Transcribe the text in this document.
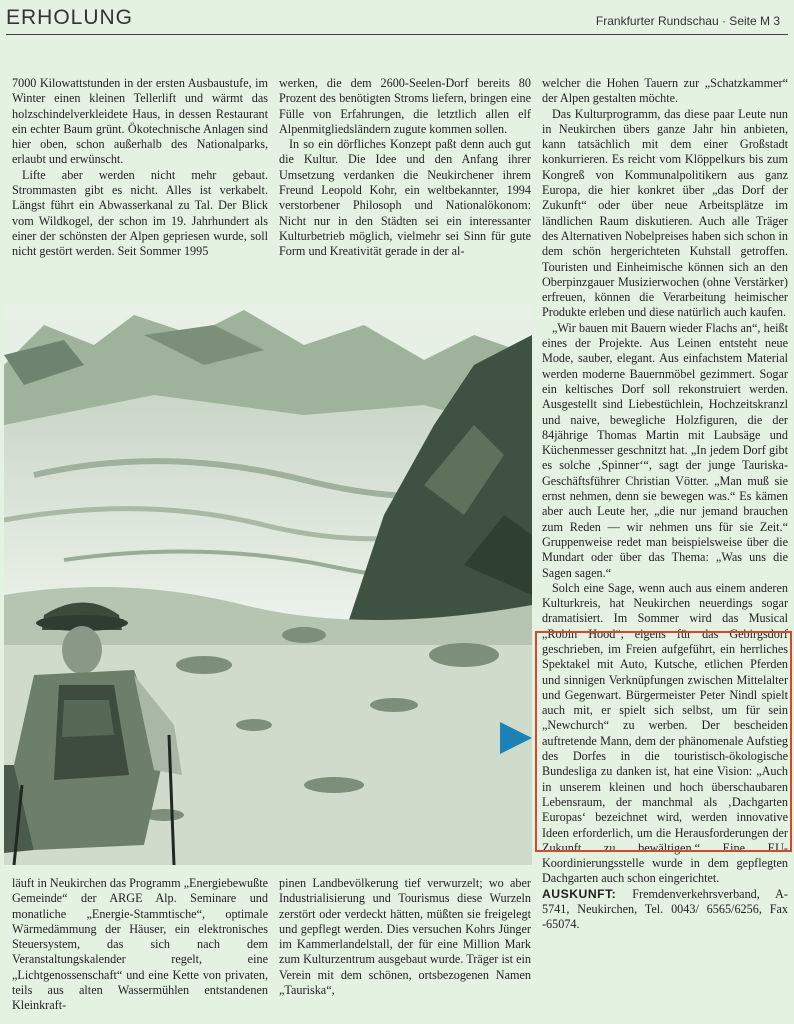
ERHOLUNG	Frankfurter Rundschau · Seite M 3

7000 Kilowattstunden in der ersten Ausbaustufe, im Winter einen kleinen Tellerlift und wärmt das holzschindelverkleidete Haus, in dessen Restaurant ein echter Baum grünt. Ökotechnische Anlagen sind hier oben, schon außerhalb des Nationalparks, erlaubt und erwünscht.

Lifte aber werden nicht mehr gebaut. Strommasten gibt es nicht. Alles ist verkabelt. Längst führt ein Abwasserkanal zu Tal. Der Blick vom Wildkogel, der schon im 19. Jahrhundert als einer der schönsten der Alpen gepriesen wurde, soll nicht gestört werden. Seit Sommer 1995

werken, die dem 2600-Seelen-Dorf bereits 80 Prozent des benötigten Stroms liefern, bringen eine Fülle von Erfahrungen, die letztlich allen elf Alpenmitgliedsländern zugute kommen sollen.

In so ein dörfliches Konzept paßt denn auch gut die Kultur. Die Idee und den Anfang ihrer Umsetzung verdanken die Neukirchener ihrem Freund Leopold Kohr, ein weltbekannter, 1994 verstorbener Philosoph und Nationalökonom: Nicht nur in den Städten sei ein interessanter Kulturbetrieb möglich, vielmehr sei Sinn für gute Form und Kreativität gerade in der al-

welcher die Hohen Tauern zur „Schatzkammer“ der Alpen gestalten möchte.

Das Kulturprogramm, das diese paar Leute nun in Neukirchen übers ganze Jahr hin anbieten, kann tatsächlich mit dem einer Großstadt konkurrieren. Es reicht vom Klöppelkurs bis zum Kongreß von Kommunalpolitikern aus ganz Europa, die hier konkret über „das Dorf der Zukunft“ oder über neue Arbeitsplätze im ländlichen Raum diskutieren. Auch alle Träger des Alternativen Nobelpreises haben sich schon in dem schön hergerichteten Kuhstall getroffen. Touristen und Einheimische können sich an den Oberpinzgauer Musizierwochen (ohne Verstärker) erfreuen, können die Verarbeitung heimischer Produkte erleben und diese natürlich auch kaufen.

„Wir bauen mit Bauern wieder Flachs an“, heißt eines der Projekte. Aus Leinen entsteht neue Mode, sauber, elegant. Aus einfachstem Material werden moderne Bauernmöbel gezimmert. Sogar ein keltisches Dorf soll rekonstruiert werden. Ausgestellt sind Liebestüchlein, Hochzeitskranzl und naive, bewegliche Holzfiguren, die der 84jährige Thomas Martin mit Laubsäge und Küchenmesser geschnitzt hat. „In jedem Dorf gibt es solche ‚Spinner‘“, sagt der junge Tauriska-Geschäftsführer Christian Vötter. „Man muß sie ernst nehmen, denn sie bewegen was.“ Es kämen aber auch Leute her, „die nur jemand brauchen zum Reden — wir nehmen uns für sie Zeit.“ Gruppenweise redet man beispielsweise über die Mundart oder über das Thema: „Was uns die Sagen sagen.“

Solch eine Sage, wenn auch aus einem anderen Kulturkreis, hat Neukirchen neuerdings sogar dramatisiert. Im Sommer wird das Musical „Robin Hood“, eigens für das Gebirgsdorf geschrieben, im Freien aufgeführt, ein herrliches Spektakel mit Auto, Kutsche, etlichen Pferden und sinnigen Verknüpfungen zwischen Mittelalter und Gegenwart. Bürgermeister Peter Nindl spielt auch mit, er spielt sich selbst, um für sein „Newchurch“ zu werben. Der bescheiden auftretende Mann, dem der phänomenale Aufstieg des Dorfes in die touristisch-ökologische Bundesliga zu danken ist, hat eine Vision: „Auch in unserem kleinen und hoch überschaubaren Lebensraum, der manchmal als ‚Dachgarten Europas‘ bezeichnet wird, werden innovative Ideen erforderlich, um die Herausforderungen der Zukunft zu bewältigen.“ Eine EU-Koordinierungsstelle wurde in dem gepflegten Dachgarten auch schon eingerichtet.

AUSKUNFT: Fremdenverkehrsverband, A-5741, Neukirchen, Tel. 0043/ 6565/6256, Fax -65074.

läuft in Neukirchen das Programm „Energiebewußte Gemeinde“ der ARGE Alp. Seminare und monatliche „Energie-Stammtische“, optimale Wärmedämmung der Häuser, ein elektronisches Steuersystem, das sich nach dem Veranstaltungskalender regelt, eine „Lichtgenossenschaft“ und eine Kette von privaten, teils aus alten Wassermühlen entstandenen Kleinkraft-

pinen Landbevölkerung tief verwurzelt; wo aber Industrialisierung und Tourismus diese Wurzeln zerstört oder verdeckt hätten, müßten sie freigelegt und gepflegt werden. Dies versuchen Kohrs Jünger im Kammerlandelstall, der für eine Million Mark zum Kulturzentrum ausgebaut wurde. Träger ist ein Verein mit dem schönen, ortsbezogenen Namen „Tauriska“,
